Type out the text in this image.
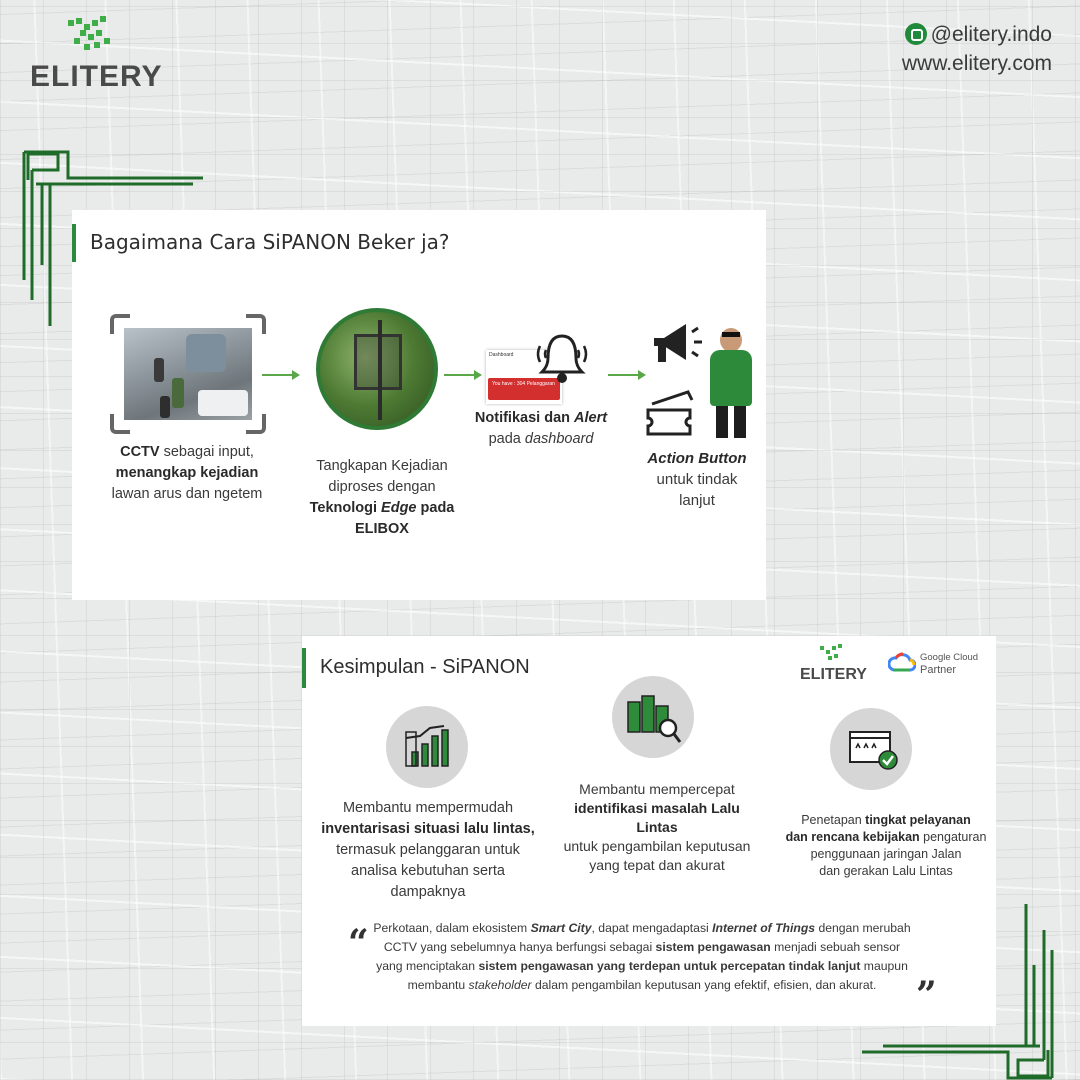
ELITERY
@elitery.indo
www.elitery.com
Bagaimana Cara SiPANON Beker ja?
CCTV sebagai input,
menangkap kejadian
lawan arus dan ngetem
Tangkapan Kejadian
diproses dengan
Teknologi Edge pada
ELIBOX
Dashboard
You have : 304 Pelanggaran
Notifikasi dan Alert
pada dashboard
Action Button
untuk tindak
lanjut
Kesimpulan - SiPANON	ELITERY
Google Cloud
Partner
Membantu mempermudah
inventarisasi situasi lalu lintas,
termasuk pelanggaran untuk
analisa kebutuhan serta
dampaknya
Membantu mempercepat
identifikasi masalah Lalu Lintas
untuk pengambilan keputusan
yang tepat dan akurat
Penetapan tingkat pelayanan
dan rencana kebijakan pengaturan
penggunaan jaringan Jalan
dan gerakan Lalu Lintas
“ Perkotaan, dalam ekosistem Smart City, dapat mengadaptasi Internet of Things dengan merubah CCTV yang sebelumnya hanya berfungsi sebagai sistem pengawasan menjadi sebuah sensor yang menciptakan sistem pengawasan yang terdepan untuk percepatan tindak lanjut maupun membantu stakeholder dalam pengambilan keputusan yang efektif, efisien, dan akurat.	”
